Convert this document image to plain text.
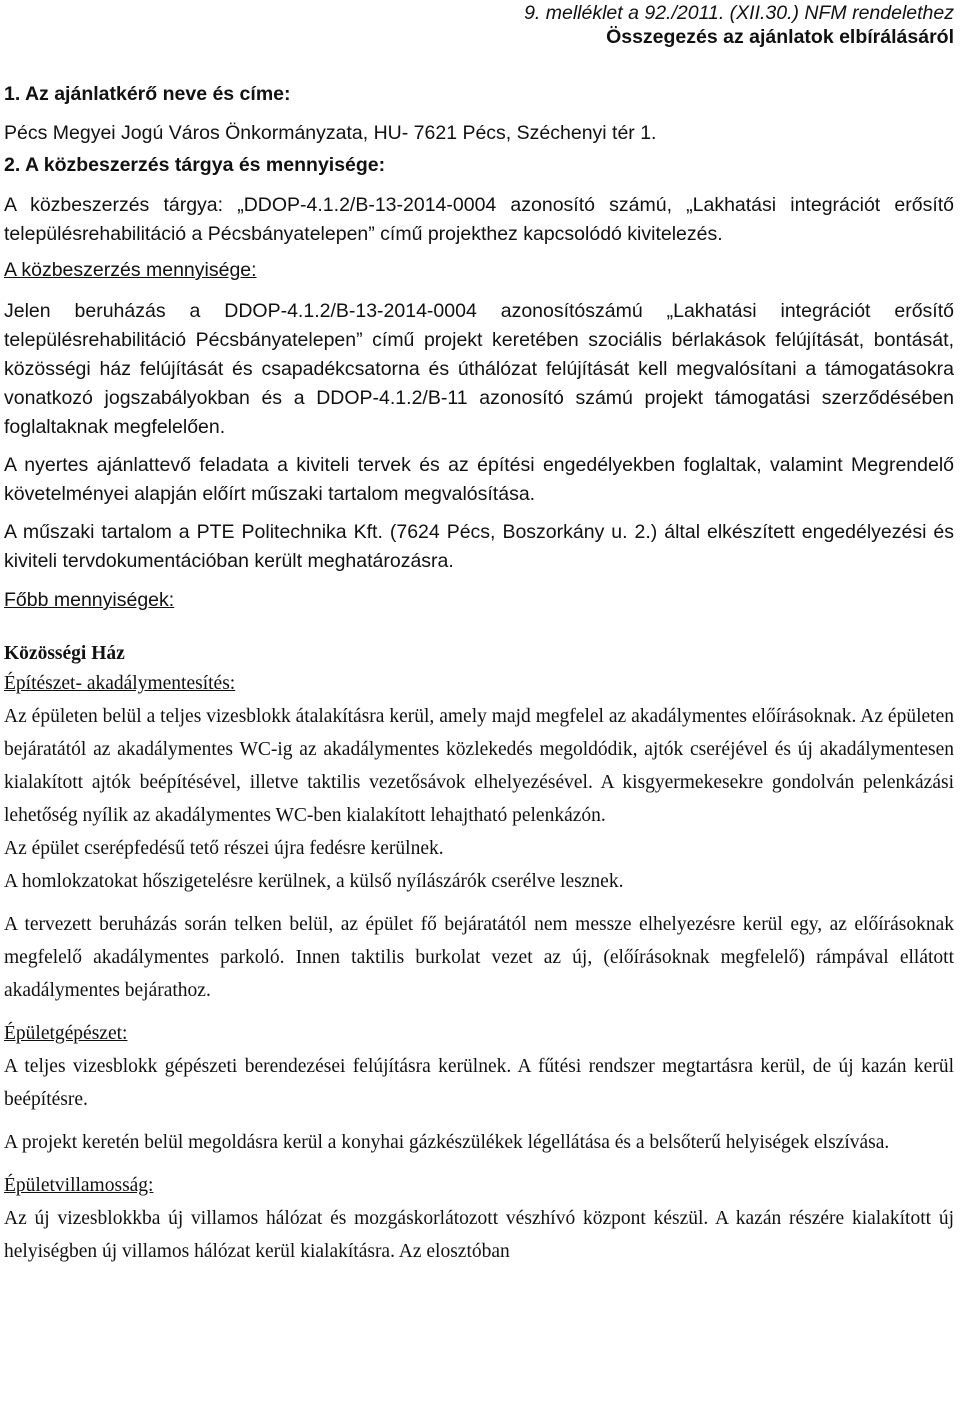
9. melléklet a 92./2011. (XII.30.) NFM rendelethez
Összegezés az ajánlatok elbírálásáról
1. Az ajánlatkérő neve és címe:

Pécs Megyei Jogú Város Önkormányzata, HU- 7621 Pécs, Széchenyi tér 1.

2. A közbeszerzés tárgya és mennyisége:

A közbeszerzés tárgya: „DDOP-4.1.2/B-13-2014-0004 azonosító számú, „Lakhatási integrációt erősítő településrehabilitáció a Pécsbányatelepen” című projekthez kapcsolódó kivitelezés.

A közbeszerzés mennyisége:

Jelen beruházás a DDOP-4.1.2/B-13-2014-0004 azonosítószámú „Lakhatási integrációt erősítő településrehabilitáció Pécsbányatelepen” című projekt keretében szociális bérlakások felújítását, bontását, közösségi ház felújítását és csapadékcsatorna és úthálózat felújítását kell megvalósítani a támogatásokra vonatkozó jogszabályokban és a DDOP-4.1.2/B-11 azonosító számú projekt támogatási szerződésében foglaltaknak megfelelően.

A nyertes ajánlattevő feladata a kiviteli tervek és az építési engedélyekben foglaltak, valamint Megrendelő követelményei alapján előírt műszaki tartalom megvalósítása.

A műszaki tartalom a PTE Politechnika Kft. (7624 Pécs, Boszorkány u. 2.) által elkészített engedélyezési és kiviteli tervdokumentációban került meghatározásra.

Főbb mennyiségek:

Közösségi Ház

Építészet- akadálymentesítés:

Az épületen belül a teljes vizesblokk átalakításra kerül, amely majd megfelel az akadálymentes előírásoknak. Az épületen bejáratától az akadálymentes WC-ig az akadálymentes közlekedés megoldódik, ajtók cseréjével és új akadálymentesen kialakított ajtók beépítésével, illetve taktilis vezetősávok elhelyezésével. A kisgyermekesekre gondolván pelenkázási lehetőség nyílik az akadálymentes WC-ben kialakított lehajtható pelenkázón.

Az épület cserépfedésű tető részei újra fedésre kerülnek.

A homlokzatokat hőszigetelésre kerülnek, a külső nyílászárók cserélve lesznek.

A tervezett beruházás során telken belül, az épület fő bejáratától nem messze elhelyezésre kerül egy, az előírásoknak megfelelő akadálymentes parkoló. Innen taktilis burkolat vezet az új, (előírásoknak megfelelő) rámpával ellátott akadálymentes bejárathoz.

Épületgépészet:

A teljes vizesblokk gépészeti berendezései felújításra kerülnek. A fűtési rendszer megtartásra kerül, de új kazán kerül beépítésre.

A projekt keretén belül megoldásra kerül a konyhai gázkészülékek légellátása és a belsőterű helyiségek elszívása.

Épületvillamosság:

Az új vizesblokkba új villamos hálózat és mozgáskorlátozott vészhívó központ készül. A kazán részére kialakított új helyiségben új villamos hálózat kerül kialakításra. Az elosztóban
